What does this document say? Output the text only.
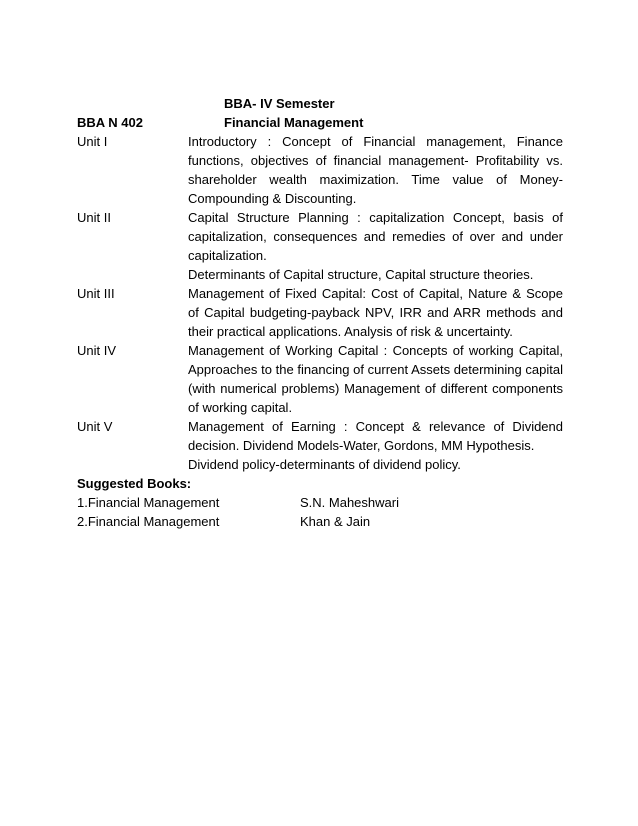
BBA- IV Semester
BBA N 402	Financial Management
Unit I	Introductory : Concept of Financial management, Finance functions, objectives of financial management- Profitability vs. shareholder wealth maximization. Time value of Money- Compounding & Discounting.

Unit II	Capital Structure Planning : capitalization Concept, basis of capitalization, consequences and remedies of over and under capitalization.

Determinants of Capital structure, Capital structure theories.

Unit III	Management of Fixed Capital: Cost of Capital, Nature & Scope of Capital budgeting-payback NPV, IRR and ARR methods and their practical applications. Analysis of risk & uncertainty.

Unit IV	Management of Working Capital : Concepts of working Capital, Approaches to the financing of current Assets determining capital (with numerical problems) Management of different components of working capital.

Unit V	Management of Earning : Concept & relevance of Dividend decision. Dividend Models-Water, Gordons, MM Hypothesis.

Dividend policy-determinants of dividend policy.

Suggested Books:
1.Financial Management	S.N. Maheshwari
2.Financial Management	Khan & Jain
